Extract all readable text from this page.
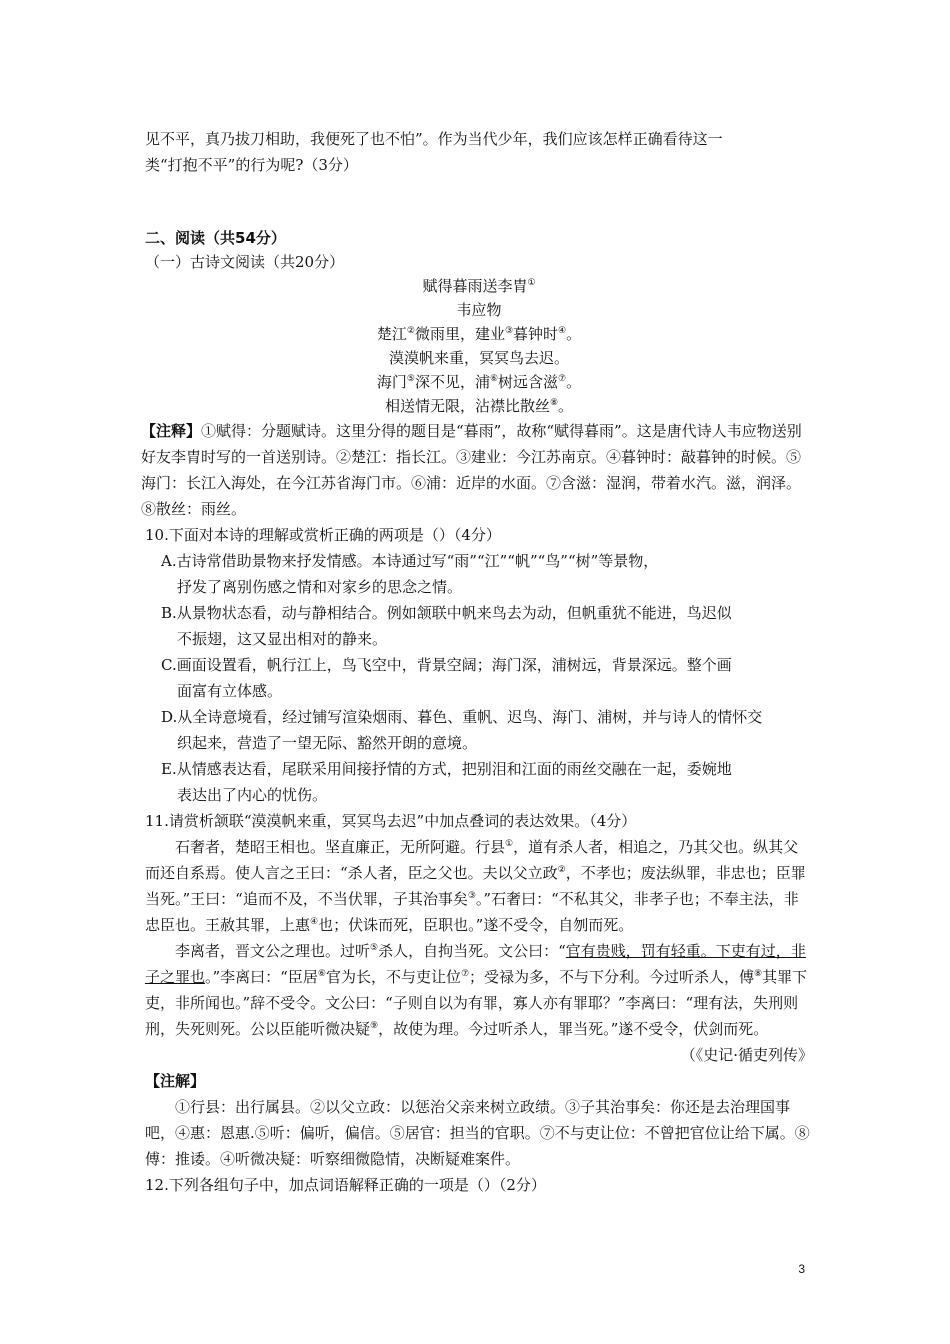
见不平，真乃拔刀相助，我便死了也不怕”。作为当代少年，我们应该怎样正确看待这一

类“打抱不平”的行为呢?（3分）

二、阅读（共54分）

（一）古诗文阅读（共20分）

赋得暮雨送李胄①

韦应物

楚江②微雨里，建业③暮钟时④。

漠漠帆来重，冥冥鸟去迟。

海门⑤深不见，浦⑥树远含滋⑦。

相送情无限，沾襟比散丝⑧。

【注释】①赋得：分题赋诗。这里分得的题目是“暮雨”，故称“赋得暮雨”。这是唐代诗人韦应物送别好友李胄时写的一首送别诗。②楚江：指长江。③建业：今江苏南京。④暮钟时：敲暮钟的时候。⑤海门：长江入海处，在今江苏省海门市。⑥浦：近岸的水面。⑦含滋：湿润，带着水汽。滋，润泽。⑧散丝：雨丝。

10.下面对本诗的理解或赏析正确的两项是（）（4分）

A.古诗常借助景物来抒发情感。本诗通过写“雨”“江”“帆”“鸟”“树”等景物，
抒发了离别伤感之情和对家乡的思念之情。

B.从景物状态看，动与静相结合。例如颔联中帆来鸟去为动，但帆重犹不能进，鸟迟似
不振翅，这又显出相对的静来。

C.画面设置看，帆行江上，鸟飞空中，背景空阔；海门深，浦树远，背景深远。整个画
面富有立体感。

D.从全诗意境看，经过铺写渲染烟雨、暮色、重帆、迟鸟、海门、浦树，并与诗人的情怀交
织起来，营造了一望无际、豁然开朗的意境。

E.从情感表达看，尾联采用间接抒情的方式，把别泪和江面的雨丝交融在一起，委婉地
表达出了内心的忧伤。

11.请赏析颔联“漠漠帆来重，冥冥鸟去迟”中加点叠词的表达效果。（4分）

石奢者，楚昭王相也。坚直廉正，无所阿避。行县①，道有杀人者，相追之，乃其父也。纵其父而还自系焉。使人言之王曰：“杀人者，臣之父也。夫以父立政②，不孝也；废法纵罪，非忠也；臣罪当死。”王曰：“追而不及，不当伏罪，子其治事矣③。”石奢曰：“不私其父，非孝子也；不奉主法，非忠臣也。王赦其罪，上惠④也；伏诛而死，臣职也。”遂不受令，自刎而死。

李离者，晋文公之理也。过听⑤杀人，自拘当死。文公曰：“官有贵贱，罚有轻重。下吏有过，非子之罪也。”李离曰：“臣居⑥官为长，不与吏让位⑦；受禄为多，不与下分利。今过听杀人，傅⑧其罪下吏，非所闻也。”辞不受令。文公曰：“子则自以为有罪，寡人亦有罪耶？”李离曰：“理有法，失刑则刑，失死则死。公以臣能听微决疑⑨，故使为理。今过听杀人，罪当死。”遂不受令，伏剑而死。

（《史记·循吏列传》

【注解】

①行县：出行属县。②以父立政：以惩治父亲来树立政绩。③子其治事矣：你还是去治理国事吧，④惠：恩惠.⑤听：偏听，偏信。⑤居官：担当的官职。⑦不与吏让位：不曾把官位让给下属。⑧傅：推诿。④听微决疑：听察细微隐情，决断疑难案件。

12.下列各组句子中，加点词语解释正确的一项是（）（2分）

3
